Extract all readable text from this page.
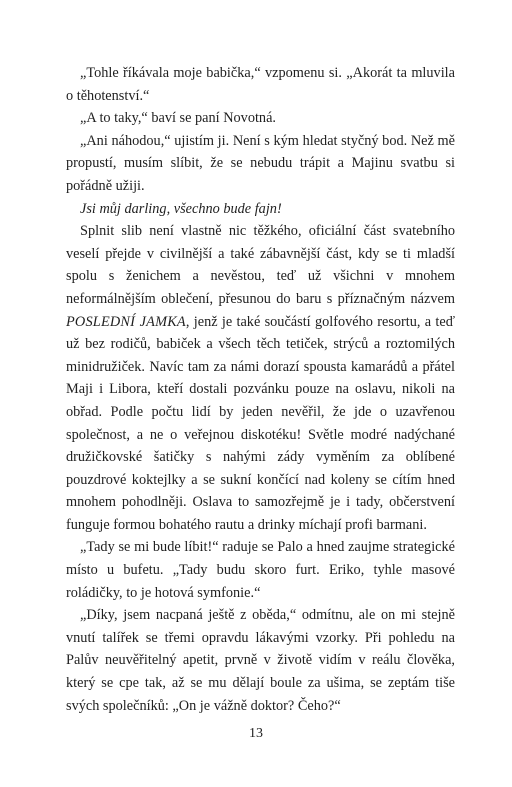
„Tohle říkávala moje babička,“ vzpomenu si. „Akorát ta mluvila o těhotenství.“

„A to taky,“ baví se paní Novotná.

„Ani náhodou,“ ujistím ji. Není s kým hledat styčný bod. Než mě propustí, musím slíbit, že se nebudu trápit a Majinu svatbu si pořádně užiji.

Jsi můj darling, všechno bude fajn!

Splnit slib není vlastně nic těžkého, oficiální část svatebního veselí přejde v civilnější a také zábavnější část, kdy se ti mladší spolu s ženichem a nevěstou, teď už všichni v mnohem neformálnějším oblečení, přesunou do baru s příznačným názvem POSLEDNÍ JAMKA, jenž je také součástí golfového resortu, a teď už bez rodičů, babiček a všech těch tetiček, strýců a roztomilých minidružiček. Navíc tam za námi dorazí spousta kamarádů a přátel Maji i Libora, kteří dostali pozvánku pouze na oslavu, nikoli na obřad. Podle počtu lidí by jeden nevěřil, že jde o uzavřenou společnost, a ne o veřejnou diskotéku! Světle modré nadýchané družičkovské šatičky s nahými zády vyměním za oblíbené pouzdrové koktejlky a se sukní končící nad koleny se cítím hned mnohem pohodlněji. Oslava to samozřejmě je i tady, občerstvení funguje formou bohatého rautu a drinky míchají profi barmani.

„Tady se mi bude líbit!“ raduje se Palo a hned zaujme strategické místo u bufetu. „Tady budu skoro furt. Eriko, tyhle masové roládičky, to je hotová symfonie.“

„Díky, jsem nacpaná ještě z oběda,“ odmítnu, ale on mi stejně vnutí talířek se třemi opravdu lákavými vzorky. Při pohledu na Palův neuvěřitelný apetit, prvně v životě vidím v reálu člověka, který se cpe tak, až se mu dělají boule za ušima, se zeptám tiše svých společníků: „On je vážně doktor? Čeho?“

13
